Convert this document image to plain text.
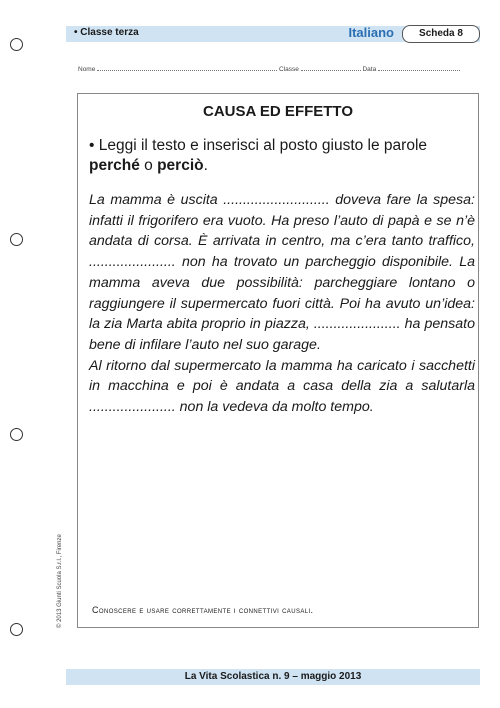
• Classe terza	Italiano	Scheda 8
Nome	Classe	Data
CAUSA ED EFFETTO
• Leggi il testo e inserisci al posto giusto le parole perché o perciò.

La mamma è uscita ........................... doveva fare la spesa: infatti il frigorifero era vuoto. Ha preso l’auto di papà e se n’è andata di corsa. È arrivata in centro, ma c’era tanto traffico, ...................... non ha trovato un parcheggio disponibile. La mamma aveva due possibilità: parcheggiare lontano o raggiungere il supermercato fuori città. Poi ha avuto un’idea: la zia Marta abita proprio in piazza, ...................... ha pensato bene di infilare l’auto nel suo garage.

Al ritorno dal supermercato la mamma ha caricato i sacchetti in macchina e poi è andata a casa della zia a salutarla ...................... non la vedeva da molto tempo.

Conoscere e usare correttamente i connettivi causali.
© 2013 Giunti Scuola S.r.l., Firenze
La Vita Scolastica n. 9 – maggio 2013
